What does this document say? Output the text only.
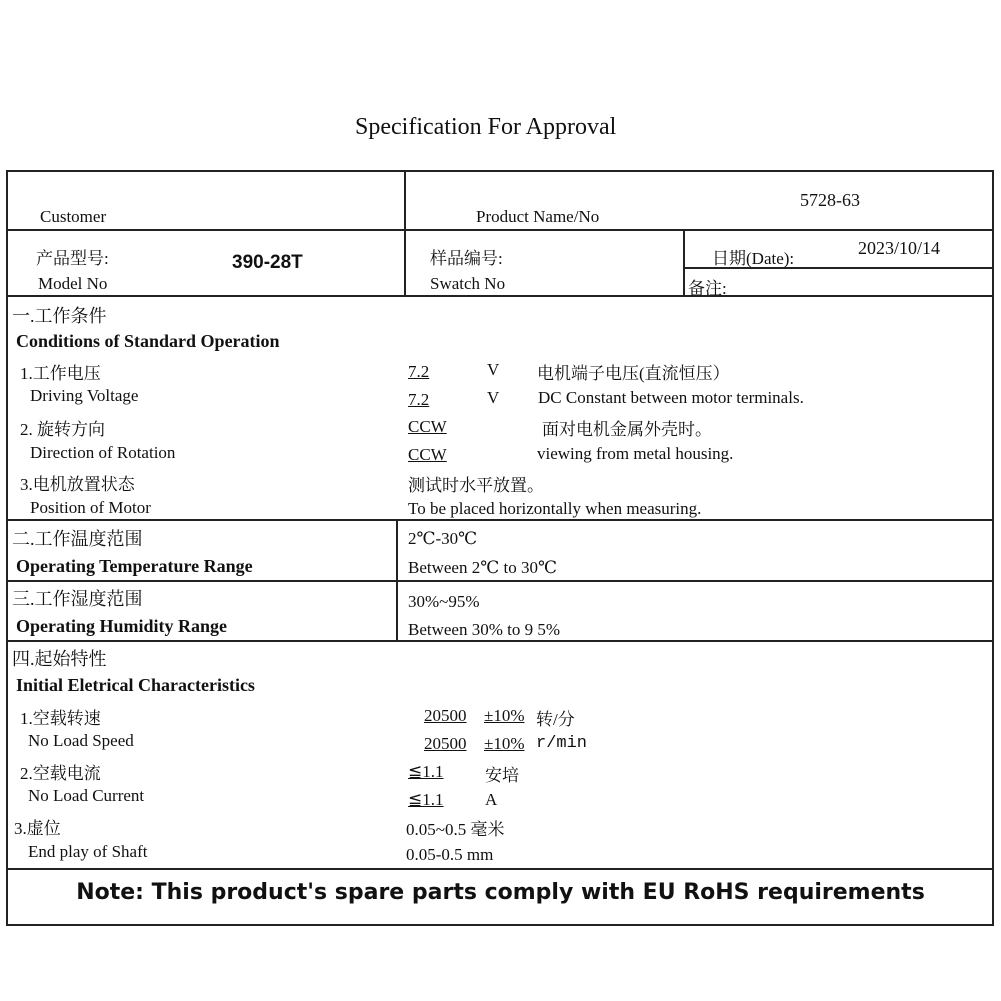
Specification For Approval
Customer	Product Name/No
5728-63
产品型号:
Model No
390-28T	样品编号:
Swatch No
日期(Date):
2023/10/14
备注:
一.工作条件
Conditions of Standard Operation
1.工作电压
Driving Voltage
7.2
7.2
V
V
电机端子电压(直流恒压）
DC Constant between motor terminals.
2. 旋转方向
Direction of Rotation
CCW
CCW
面对电机金属外壳时。
viewing from metal housing.
3.电机放置状态
Position of Motor
测试时水平放置。
To be placed horizontally when measuring.
二.工作温度范围
Operating Temperature Range
2℃-30℃
Between 2℃ to 30℃
三.工作湿度范围
Operating Humidity Range
30%~95%
Between 30% to 9 5%
四.起始特性
Initial Eletrical Characteristics
1.空载转速
No Load Speed
20500
20500
±10%
±10%
转/分
r/min
2.空载电流
No Load Current
≦1.1
≦1.1
安培
A
3.虚位
End play of Shaft
0.05~0.5 毫米
0.05-0.5 mm
Note: This product's spare parts comply with EU RoHS requirements
